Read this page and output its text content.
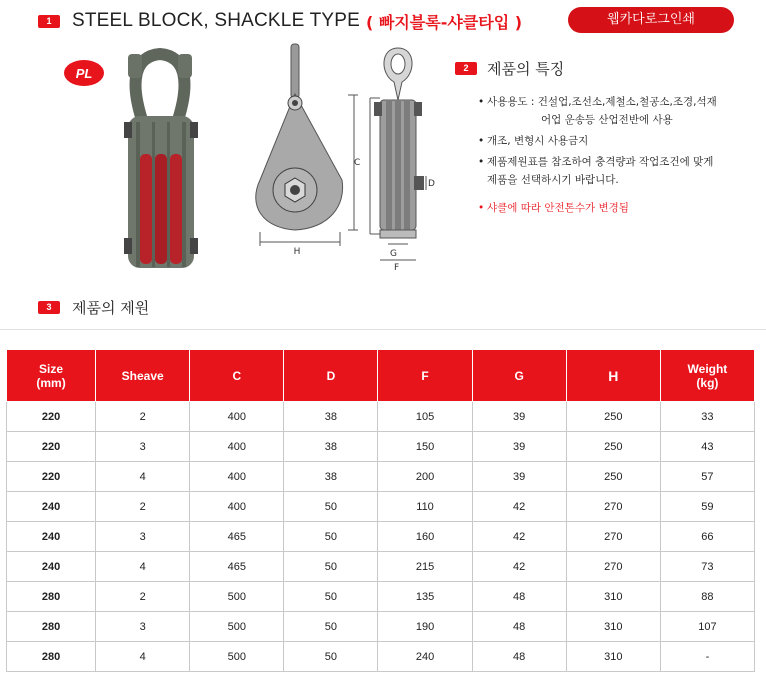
1	STEEL BLOCK, SHACKLE TYPE ( 빠지블록-샤클타입 )	웹카다로그인쇄
PL
H
C
D
G
F
2	제품의 특징
• 사용용도 : 건설업,조선소,제철소,철공소,조경,석재
어업 운송등 산업전반에 사용
• 개조, 변형시 사용금지
• 제품제원표를 참조하여 충격량과 작업조건에 맞게
제품을 선택하시기 바랍니다.
• 샤클에 따라 안전톤수가 변경됨
3	제품의 제원
Size
(mm)	Sheave	C	D	F	G	H	Weight
(kg)
220	2	400	38	105	39	250	33
220	3	400	38	150	39	250	43
220	4	400	38	200	39	250	57
240	2	400	50	110	42	270	59
240	3	465	50	160	42	270	66
240	4	465	50	215	42	270	73
280	2	500	50	135	48	310	88
280	3	500	50	190	48	310	107
280	4	500	50	240	48	310	-
